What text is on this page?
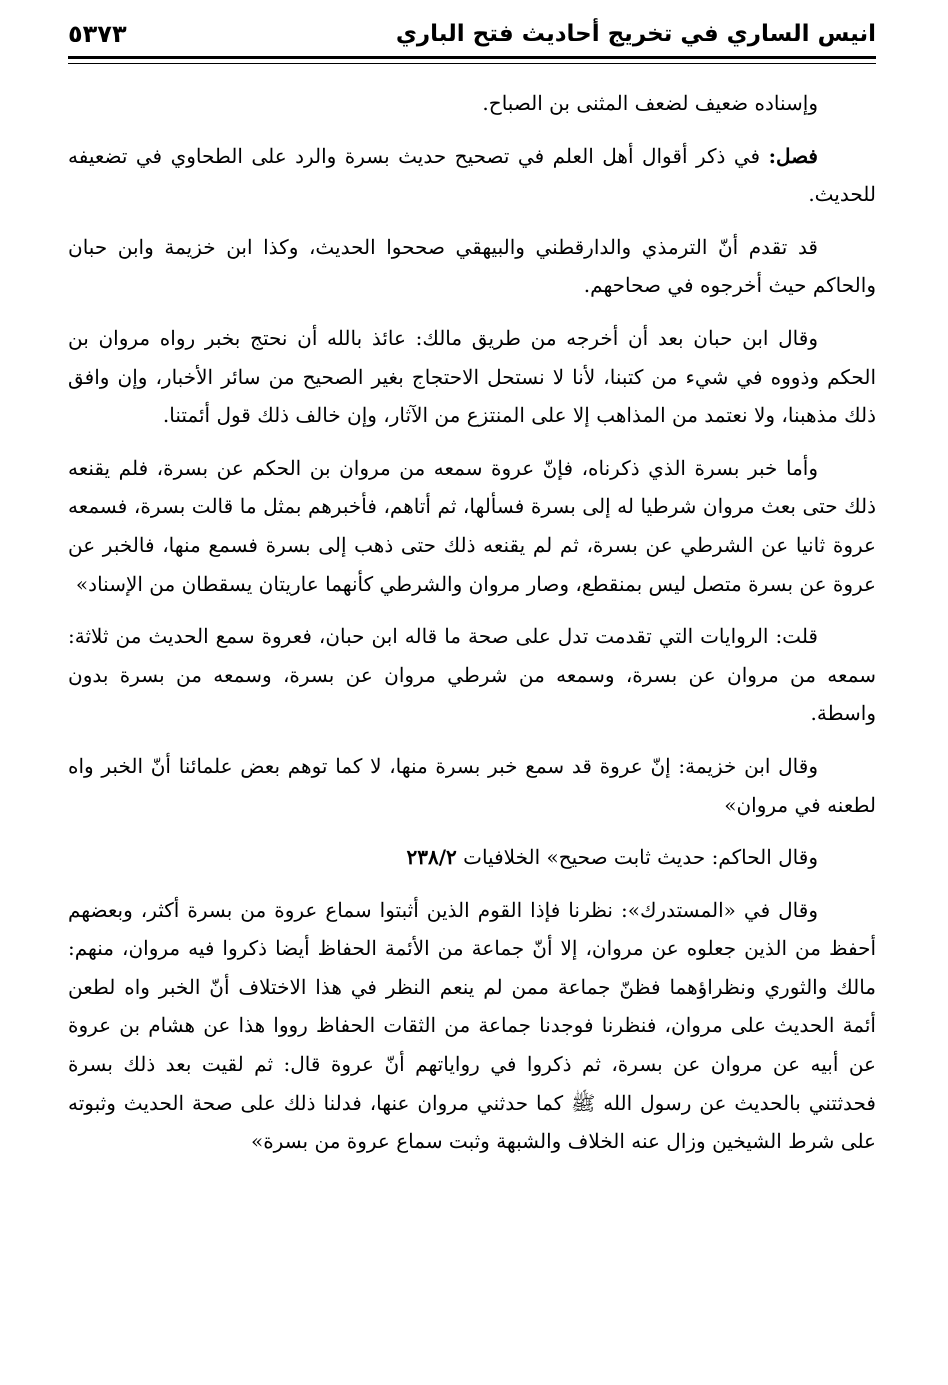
انيس الساري في تخريج أحاديث فتح الباري
٥٣٧٣

وإسناده ضعيف لضعف المثنى بن الصباح.

فصل: في ذكر أقوال أهل العلم في تصحيح حديث بسرة والرد على الطحاوي في تضعيفه للحديث.

قد تقدم أنّ الترمذي والدارقطني والبيهقي صححوا الحديث، وكذا ابن خزيمة وابن حبان والحاكم حيث أخرجوه في صحاحهم.

وقال ابن حبان بعد أن أخرجه من طريق مالك: عائذ بالله أن نحتج بخبر رواه مروان بن الحكم وذووه في شيء من كتبنا، لأنا لا نستحل الاحتجاج بغير الصحيح من سائر الأخبار، وإن وافق ذلك مذهبنا، ولا نعتمد من المذاهب إلا على المنتزع من الآثار، وإن خالف ذلك قول أئمتنا.

وأما خبر بسرة الذي ذكرناه، فإنّ عروة سمعه من مروان بن الحكم عن بسرة، فلم يقنعه ذلك حتى بعث مروان شرطيا له إلى بسرة فسألها، ثم أتاهم، فأخبرهم بمثل ما قالت بسرة، فسمعه عروة ثانيا عن الشرطي عن بسرة، ثم لم يقنعه ذلك حتى ذهب إلى بسرة فسمع منها، فالخبر عن عروة عن بسرة متصل ليس بمنقطع، وصار مروان والشرطي كأنهما عاريتان يسقطان من الإسناد»

قلت: الروايات التي تقدمت تدل على صحة ما قاله ابن حبان، فعروة سمع الحديث من ثلاثة: سمعه من مروان عن بسرة، وسمعه من شرطي مروان عن بسرة، وسمعه من بسرة بدون واسطة.

وقال ابن خزيمة: إنّ عروة قد سمع خبر بسرة منها، لا كما توهم بعض علمائنا أنّ الخبر واه لطعنه في مروان»

وقال الحاكم: حديث ثابت صحيح» الخلافيات ٢٣٨/٢

وقال في «المستدرك»: نظرنا فإذا القوم الذين أثبتوا سماع عروة من بسرة أكثر، وبعضهم أحفظ من الذين جعلوه عن مروان، إلا أنّ جماعة من الأئمة الحفاظ أيضا ذكروا فيه مروان، منهم: مالك والثوري ونظراؤهما فظنّ جماعة ممن لم ينعم النظر في هذا الاختلاف أنّ الخبر واه لطعن أئمة الحديث على مروان، فنظرنا فوجدنا جماعة من الثقات الحفاظ رووا هذا عن هشام بن عروة عن أبيه عن مروان عن بسرة، ثم ذكروا في رواياتهم أنّ عروة قال: ثم لقيت بعد ذلك بسرة فحدثتني بالحديث عن رسول الله ﷺ كما حدثني مروان عنها، فدلنا ذلك على صحة الحديث وثبوته على شرط الشيخين وزال عنه الخلاف والشبهة وثبت سماع عروة من بسرة»
